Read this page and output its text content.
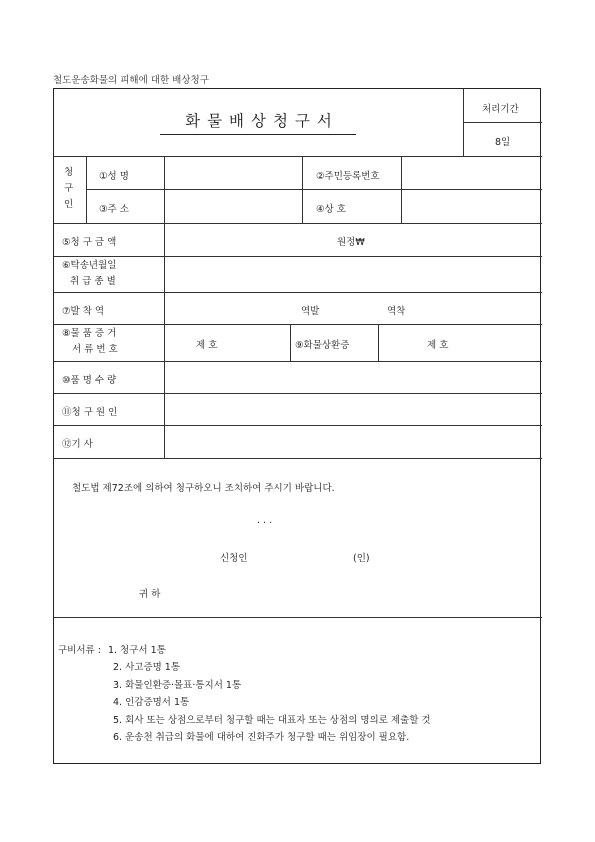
철도운송화물의 피해에 대한 배상청구
화물배상청구서
처리기간
8일
청
구
인
①성 명	②주민등록번호
③주 소	④상 호
⑤청 구 금 액	원정₩
⑥탁송년월일
취 급 종 별
⑦발 착 역	역발	역착
⑧물 품 증 거
서 류 번 호	제 호	⑨화물상환증	제 호
⑩품 명 수 량
⑪청 구 원 인
⑫기 사
철도법 제72조에 의하여 청구하오니 조치하여 주시기 바랍니다.
. . .
신청인	(인)
귀 하
구비서류 : 1. 청구서 1통
2. 사고증명 1통
3. 화물인환증·몰표·통지서 1통
4. 인감증명서 1통
5. 회사 또는 상점으로부터 청구할 때는 대표자 또는 상점의 명의로 제출할 것
6. 운송천 취급의 화물에 대하여 진화주가 청구할 때는 위임장이 필요함.
